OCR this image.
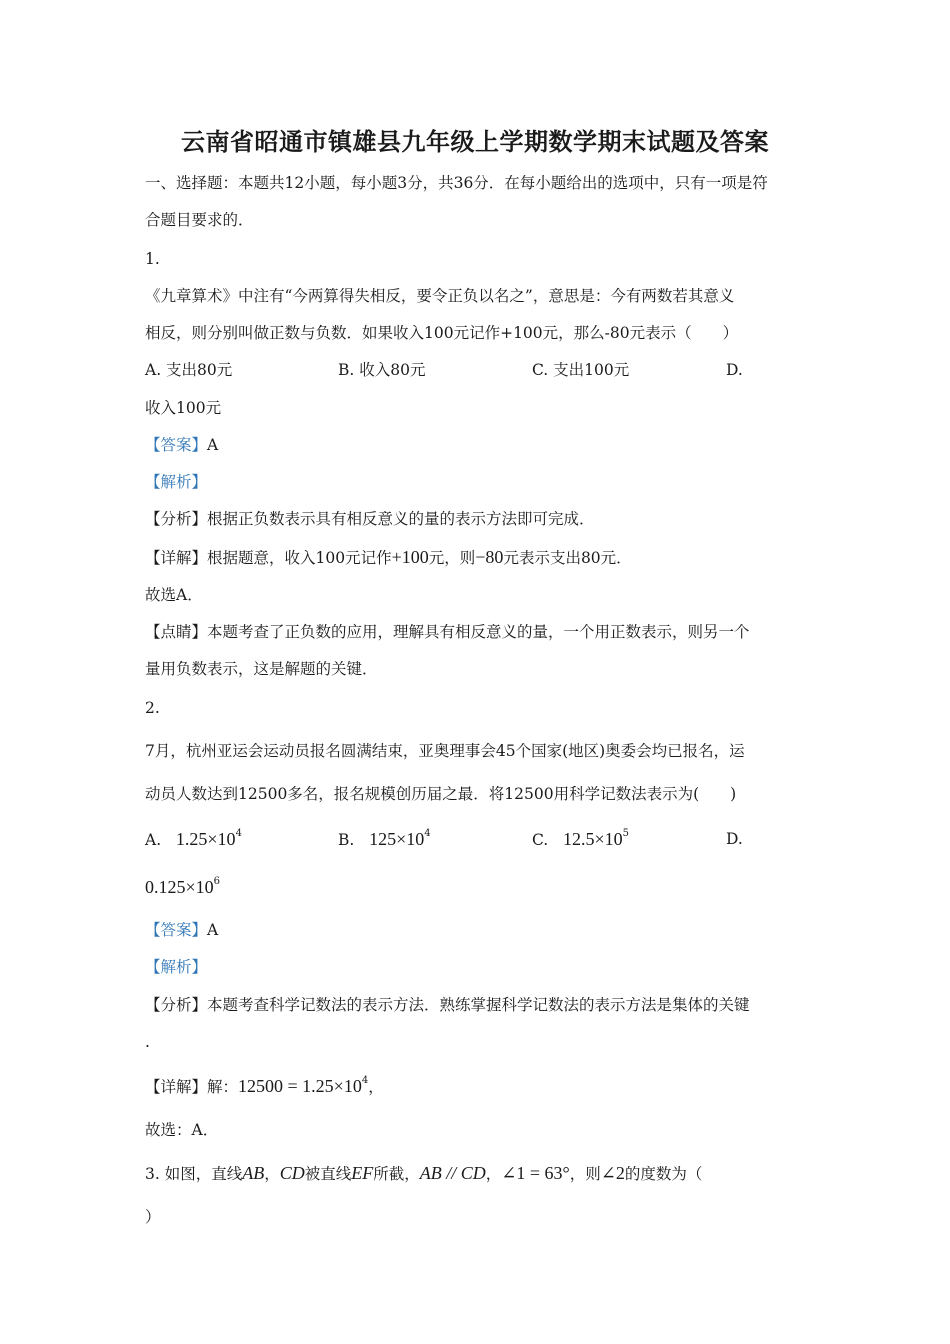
云南省昭通市镇雄县九年级上学期数学期末试题及答案
一、选择题：本题共12小题，每小题3分，共36分．在每小题给出的选项中，只有一项是符
合题目要求的．
1.
《九章算术》中注有“今两算得失相反，要令正负以名之”，意思是：今有两数若其意义
相反，则分别叫做正数与负数．如果收入100元记作+100元，那么-80元表示（　　）
A. 支出80元	B. 收入80元	C. 支出100元	D.
收入100元
【答案】A
【解析】
【分析】根据正负数表示具有相反意义的量的表示方法即可完成．
【详解】根据题意，收入100元记作+100元，则−80元表示支出80元．
故选A．
【点睛】本题考查了正负数的应用，理解具有相反意义的量，一个用正数表示，则另一个
量用负数表示，这是解题的关键．
2.
7月，杭州亚运会运动员报名圆满结束，亚奥理事会45个国家(地区)奥委会均已报名，运
动员人数达到12500多名，报名规模创历届之最．将12500用科学记数法表示为(　　)
A. $1.25\times 10^4$	B. $125\times 10^4$	C. $12.5\times 10^5$	D.
$0.125\times 10^6$
【答案】A
【解析】
【分析】本题考查科学记数法的表示方法．熟练掌握科学记数法的表示方法是集体的关键
.
【详解】解：$12500 = 1.25\times 10^4$，
故选：A．
3. 如图，直线AB，CD被直线EF所截，AB // CD，∠1 = 63°，则∠2的度数为（
）
